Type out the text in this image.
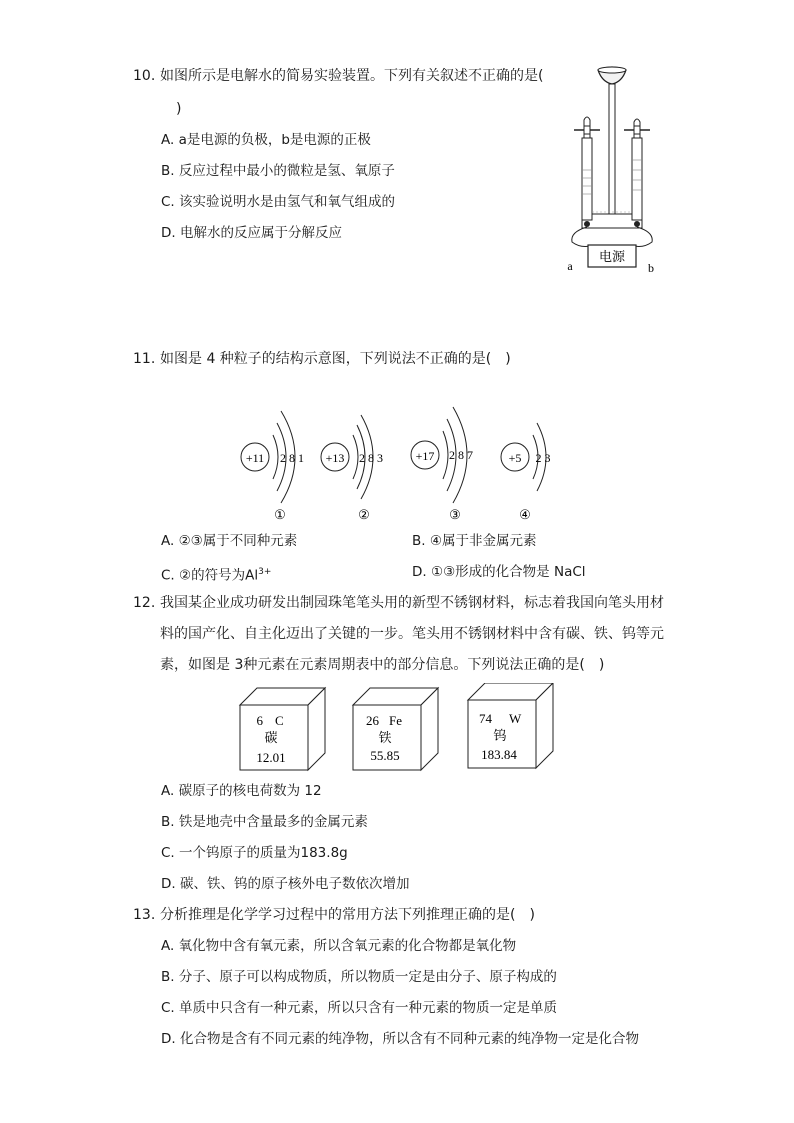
10. 如图所示是电解水的简易实验装置。下列有关叙述不正确的是(
)
A. a是电源的负极，b是电源的正极
B. 反应过程中最小的微粒是氢、氧原子
C. 该实验说明水是由氢气和氧气组成的
D. 电解水的反应属于分解反应
电源
a	b
11. 如图是 4 种粒子的结构示意图，下列说法不正确的是(　)
+11 2 8 1
①
+13 2 8 3
②
+17 2 8 7
③
+5 2 3
④
A. ②③属于不同种元素	B. ④属于非金属元素
C. ②的符号为$Al^{3+}$	D. ①③形成的化合物是 NaCl
12. 我国某企业成功研发出制园珠笔笔头用的新型不锈钢材料，标志着我国向笔头用材
料的国产化、自主化迈出了关键的一步。笔头用不锈钢材料中含有碳、铁、钨等元
素，如图是 3种元素在元素周期表中的部分信息。下列说法正确的是(　)
6 C
碳
12.01
26 Fe
铁
55.85
74 W
钨
183.84
A. 碳原子的核电荷数为 12
B. 铁是地壳中含量最多的金属元素
C. 一个钨原子的质量为183.8g
D. 碳、铁、钨的原子核外电子数依次增加
13. 分析推理是化学学习过程中的常用方法下列推理正确的是(　)
A. 氧化物中含有氧元素，所以含氧元素的化合物都是氧化物
B. 分子、原子可以构成物质，所以物质一定是由分子、原子构成的
C. 单质中只含有一种元素，所以只含有一种元素的物质一定是单质
D. 化合物是含有不同元素的纯净物，所以含有不同种元素的纯净物一定是化合物
